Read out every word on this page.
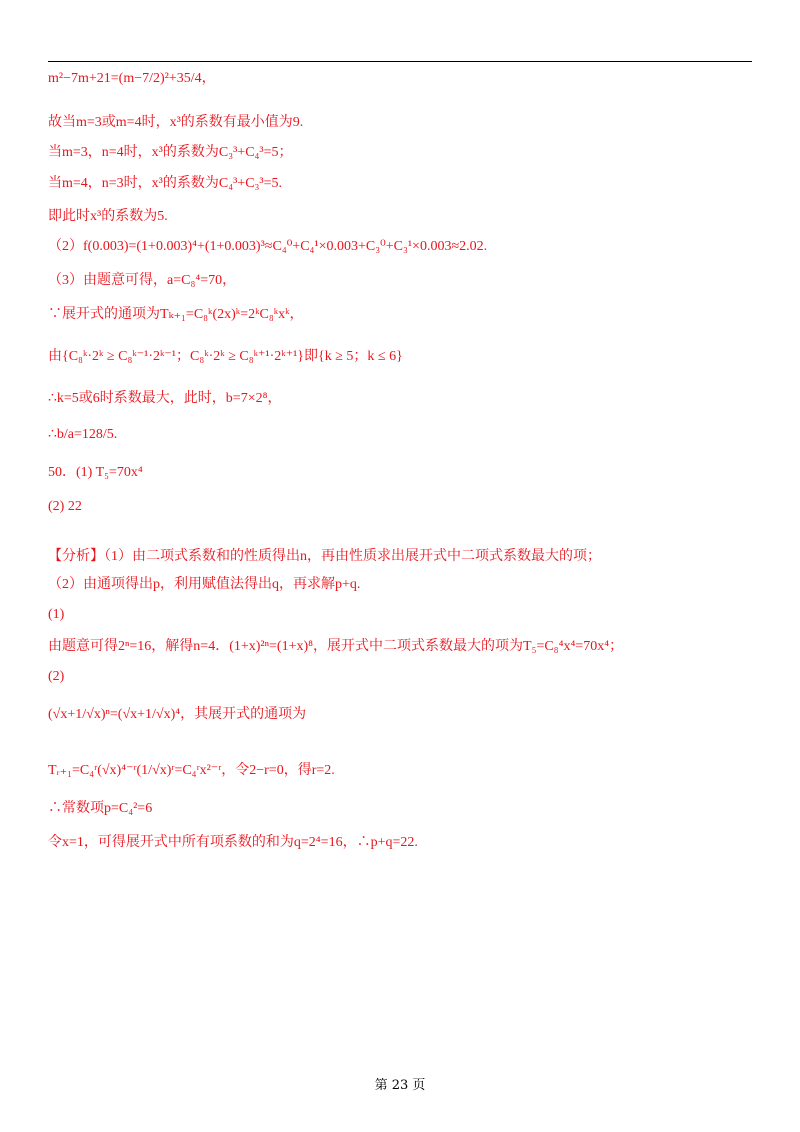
m²−7m+21=(m−7/2)²+35/4，
故当m=3或m=4时，x³的系数有最小值为9.
当m=3，n=4时，x³的系数为C₃³+C₄³=5；
当m=4，n=3时，x³的系数为C₄³+C₃³=5.
即此时x³的系数为5.
（2）f(0.003)=(1+0.003)⁴+(1+0.003)³≈C₄⁰+C₄¹×0.003+C₃⁰+C₃¹×0.003≈2.02.
（3）由题意可得，a=C₈⁴=70，
∵展开式的通项为Tₖ₊₁=C₈ᵏ(2x)ᵏ=2ᵏC₈ᵏxᵏ，
由{C₈ᵏ·2ᵏ ≥ C₈ᵏ⁻¹·2ᵏ⁻¹；C₈ᵏ·2ᵏ ≥ C₈ᵏ⁺¹·2ᵏ⁺¹}即{k ≥ 5；k ≤ 6}
∴k=5或6时系数最大，此时，b=7×2⁸，
∴b/a=128/5.
50．(1) T₅=70x⁴
(2) 22
【分析】（1）由二项式系数和的性质得出n，再由性质求出展开式中二项式系数最大的项；
（2）由通项得出p，利用赋值法得出q，再求解p+q.
(1)
由题意可得2ⁿ=16，解得n=4．(1+x)²ⁿ=(1+x)⁸，展开式中二项式系数最大的项为T₅=C₈⁴x⁴=70x⁴；
(2)
(√x+1/√x)ⁿ=(√x+1/√x)⁴，其展开式的通项为
Tᵣ₊₁=C₄ʳ(√x)⁴⁻ʳ(1/√x)ʳ=C₄ʳx²⁻ʳ，令2−r=0，得r=2.
∴常数项p=C₄²=6
令x=1，可得展开式中所有项系数的和为q=2⁴=16，∴p+q=22.
第 23 页
